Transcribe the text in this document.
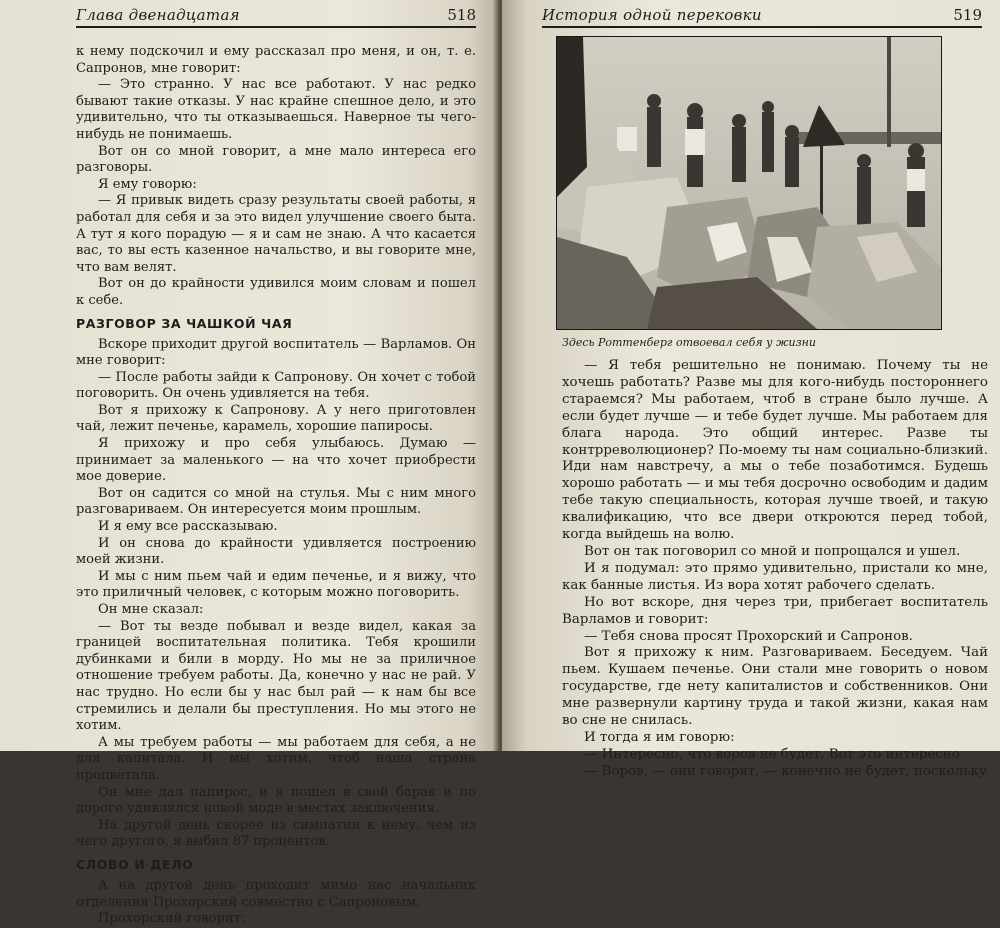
Глава двенадцатая	518

к нему подскочил и ему рассказал про меня, и он, т. е. Сапронов, мне говорит:

— Это странно. У нас все работают. У нас редко бывают такие отказы. У нас крайне спешное дело, и это удивительно, что ты отказываешься. Наверное ты чего-нибудь не понимаешь.

Вот он со мной говорит, а мне мало интереса его разговоры.

Я ему говорю:

— Я привык видеть сразу результаты своей работы, я работал для себя и за это видел улучшение своего быта. А тут я кого порадую — я и сам не знаю. А что касается вас, то вы есть казенное начальство, и вы говорите мне, что вам велят.

Вот он до крайности удивился моим словам и пошел к себе.

РАЗГОВОР ЗА ЧАШКОЙ ЧАЯ

Вскоре приходит другой воспитатель — Варламов. Он мне говорит:

— После работы зайди к Сапронову. Он хочет с тобой поговорить. Он очень удивляется на тебя.

Вот я прихожу к Сапронову. А у него приготовлен чай, лежит печенье, карамель, хорошие папиросы.

Я прихожу и про себя улыбаюсь. Думаю — принимает за маленького — на что хочет приобрести мое доверие.

Вот он садится со мной на стулья. Мы с ним много разговариваем. Он интересуется моим прошлым.

И я ему все рассказываю.

И он снова до крайности удивляется построению моей жизни.

И мы с ним пьем чай и едим печенье, и я вижу, что это приличный человек, с которым можно поговорить.

Он мне сказал:

— Вот ты везде побывал и везде видел, какая за границей воспитательная политика. Тебя крошили дубинками и били в морду. Но мы не за приличное отношение требуем работы. Да, конечно у нас не рай. У нас трудно. Но если бы у нас был рай — к нам бы все стремились и делали бы преступления. Но мы этого не хотим.

А мы требуем работы — мы работаем для себя, а не для капитала. И мы хотим, чтоб наша страна процветала.

Он мне дал папирос, и я пошел в свой барак и по дороге удивлялся новой моде в местах заключения.

На другой день скорее из симпатии к нему, чем из чего другого, я выбил 87 процентов.

СЛОВО И ДЕЛО

А на другой день проходит мимо нас начальник отделения Прохорский совместно с Сапроновым.

Прохорский говорит:

История одной перековки	519
Здесь Роттенберг отвоевал себя у жизни

— Я тебя решительно не понимаю. Почему ты не хочешь работать? Разве мы для кого-нибудь постороннего стараемся? Мы работаем, чтоб в стране было лучше. А если будет лучше — и тебе будет лучше. Мы работаем для блага народа. Это общий интерес. Разве ты контрреволюционер? По-моему ты нам социально-близкий. Иди нам навстречу, а мы о тебе позаботимся. Будешь хорошо работать — и мы тебя досрочно освободим и дадим тебе такую специальность, которая лучше твоей, и такую квалификацию, что все двери откроются перед тобой, когда выйдешь на волю.

Вот он так поговорил со мной и попрощался и ушел.

И я подумал: это прямо удивительно, пристали ко мне, как банные листья. Из вора хотят рабочего сделать.

Но вот вскоре, дня через три, прибегает воспитатель Варламов и говорит:

— Тебя снова просят Прохорский и Сапронов.

Вот я прихожу к ним. Разговариваем. Беседуем. Чай пьем. Кушаем печенье. Они стали мне говорить о новом государстве, где нету капиталистов и собственников. Они мне развернули картину труда и такой жизни, какая нам во сне не снилась.

И тогда я им говорю:

— Интересно, что воров не будет. Вот это интересно

— Воров, — они говорят, — конечно не будет, поскольку
